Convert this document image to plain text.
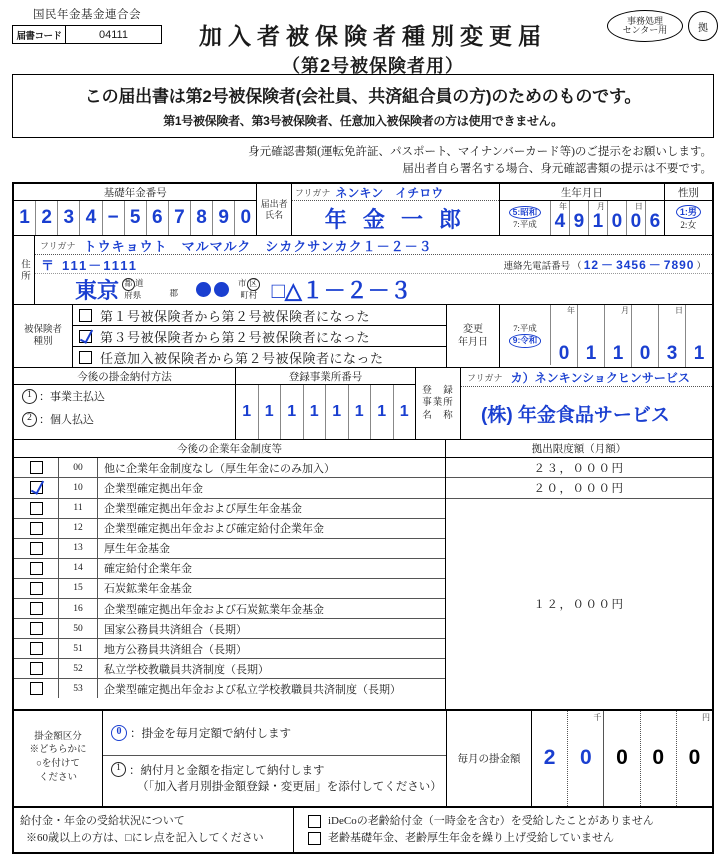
国民年金基金連合会
届書コード	04111	加入者被保険者種別変更届
（第2号被保険者用）
事務処理
センター用	拠
この届出書は第2号被保険者(会社員、共済組合員の方)のためのものです。
第1号被保険者、第3号被保険者、任意加入被保険者の方は使用できません。
身元確認書類(運転免許証、パスポート、マイナンバーカード等)のご提示をお願いします。
届出者自ら署名する場合、身元確認書類の提示は不要です。
基礎年金番号
1 2 3 4 − 5 6 7 8 9 0
届出者
氏名
フリガナ ネンキン　イチロウ
年 金 一 郎
生年月日
5:昭和
7:平成
年
4 9
月
1 0
日
0 6
性別
1:男
2:女
住所
フリガナ トウキョウト　マルマルク　シカクサンカク１－２－３
〒 111－1111	連絡先電話番号 （ 12 － 3456 － 7890 ）
東京 都 道
府県
	郡
市 区
町村 □△１－２－３
被保険者
種別
第１号被保険者から第２号被保険者になった
第３号被保険者から第２号被保険者になった
任意加入被保険者から第２号被保険者になった
変更
年月日
7:平成
9:令和
年
0 1
月
1 0
日
3 1
今後の掛金納付方法
1 ：事業主払込
2 ：個人払込
登録事業所番号
1 1 1 1 1 1 1 1
登　録
事業所
名　称
フリガナ カ）ネンキンショクヒンサービス
(株) 年金食品サービス
今後の企業年金制度等
00	他に企業年金制度なし（厚生年金にのみ加入）
10	企業型確定拠出年金
11	企業型確定拠出年金および厚生年金基金
12	企業型確定拠出年金および確定給付企業年金
13	厚生年金基金
14	確定給付企業年金
15	石炭鉱業年金基金
16	企業型確定拠出年金および石炭鉱業年金基金
50	国家公務員共済組合（長期）
51	地方公務員共済組合（長期）
52	私立学校教職員共済制度（長期）
53	企業型確定拠出年金および私立学校教職員共済制度（長期）
拠出限度額（月額）
２３，０００円
２０，０００円
１２，０００円
掛金額区分
※どちらかに
○を付けて
ください
0 ：掛金を毎月定額で納付します
1 ：納付月と金額を指定して納付します
（「加入者月別掛金額登録・変更届」を添付してください）
毎月の掛金額	2
千
0 0 0
円
0
給付金・年金の受給状況について
※60歳以上の方は、□にレ点を記入してください
iDeCoの老齢給付金（一時金を含む）を受給したことがありません
老齢基礎年金、老齢厚生年金を繰り上げ受給していません
